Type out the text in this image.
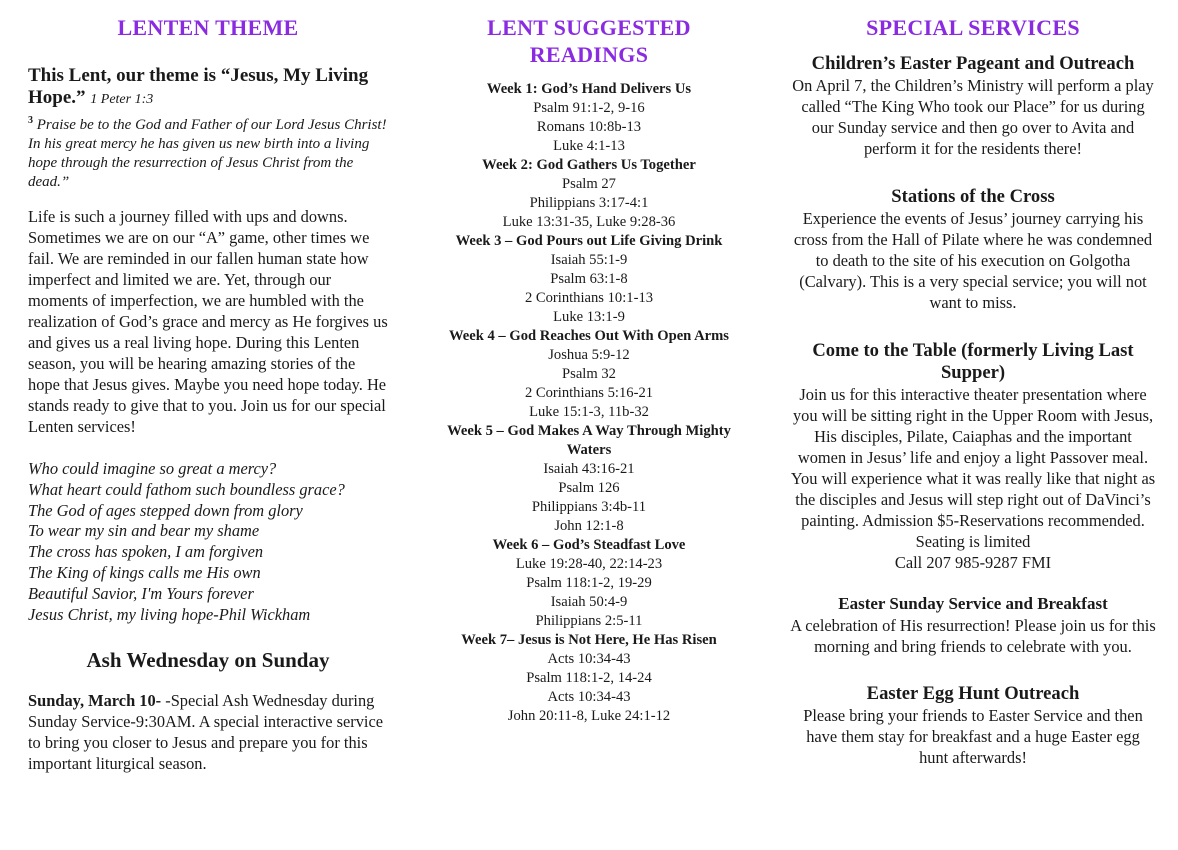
LENTEN THEME
This Lent, our theme is “Jesus, My Living Hope.” 1 Peter 1:3
$^3$ Praise be to the God and Father of our Lord Jesus Christ! In his great mercy he has given us new birth into a living hope through the resurrection of Jesus Christ from the dead.”
Life is such a journey filled with ups and downs. Sometimes we are on our “A” game, other times we fail. We are reminded in our fallen human state how imperfect and limited we are. Yet, through our moments of imperfection, we are humbled with the realization of God’s grace and mercy as He forgives us and gives us a real living hope. During this Lenten season, you will be hearing amazing stories of the hope that Jesus gives. Maybe you need hope today. He stands ready to give that to you. Join us for our special Lenten services!
Who could imagine so great a mercy?
What heart could fathom such boundless grace?
The God of ages stepped down from glory
To wear my sin and bear my shame
The cross has spoken, I am forgiven
The King of kings calls me His own
Beautiful Savior, I'm Yours forever
Jesus Christ, my living hope-Phil Wickham
Ash Wednesday on Sunday
Sunday, March 10- -Special Ash Wednesday during Sunday Service-9:30AM. A special interactive service to bring you closer to Jesus and prepare you for this important liturgical season.
LENT SUGGESTED READINGS
Week 1: God’s Hand Delivers Us
Psalm 91:1-2, 9-16
Romans 10:8b-13
Luke 4:1-13
Week 2: God Gathers Us Together
Psalm 27
Philippians 3:17-4:1
Luke 13:31-35, Luke 9:28-36
Week 3 – God Pours out Life Giving Drink
Isaiah 55:1-9
Psalm 63:1-8
2 Corinthians 10:1-13
Luke 13:1-9
Week 4 – God Reaches Out With Open Arms
Joshua 5:9-12
Psalm 32
2 Corinthians 5:16-21
Luke 15:1-3, 11b-32
Week 5 – God Makes A Way Through Mighty Waters
Isaiah 43:16-21
Psalm 126
Philippians 3:4b-11
John 12:1-8
Week 6 – God’s Steadfast Love
Luke 19:28-40, 22:14-23
Psalm 118:1-2, 19-29
Isaiah 50:4-9
Philippians 2:5-11
Week 7– Jesus is Not Here, He Has Risen
Acts 10:34-43
Psalm 118:1-2, 14-24
Acts 10:34-43
John 20:11-8, Luke 24:1-12
SPECIAL SERVICES
Children’s Easter Pageant and Outreach
On April 7, the Children’s Ministry will perform a play called “The King Who took our Place” for us during our Sunday service and then go over to Avita and perform it for the residents there!
Stations of the Cross
Experience the events of Jesus’ journey carrying his cross from the Hall of Pilate where he was condemned to death to the site of his execution on Golgotha (Calvary). This is a very special service; you will not want to miss.
Come to the Table (formerly Living Last Supper)
Join us for this interactive theater presentation where you will be sitting right in the Upper Room with Jesus, His disciples, Pilate, Caiaphas and the important women in Jesus’ life and enjoy a light Passover meal. You will experience what it was really like that night as the disciples and Jesus will step right out of DaVinci’s painting. Admission $5-Reservations recommended. Seating is limited
Call 207 985-9287 FMI
Easter Sunday Service and Breakfast
A celebration of His resurrection! Please join us for this morning and bring friends to celebrate with you.
Easter Egg Hunt Outreach
Please bring your friends to Easter Service and then have them stay for breakfast and a huge Easter egg hunt afterwards!
